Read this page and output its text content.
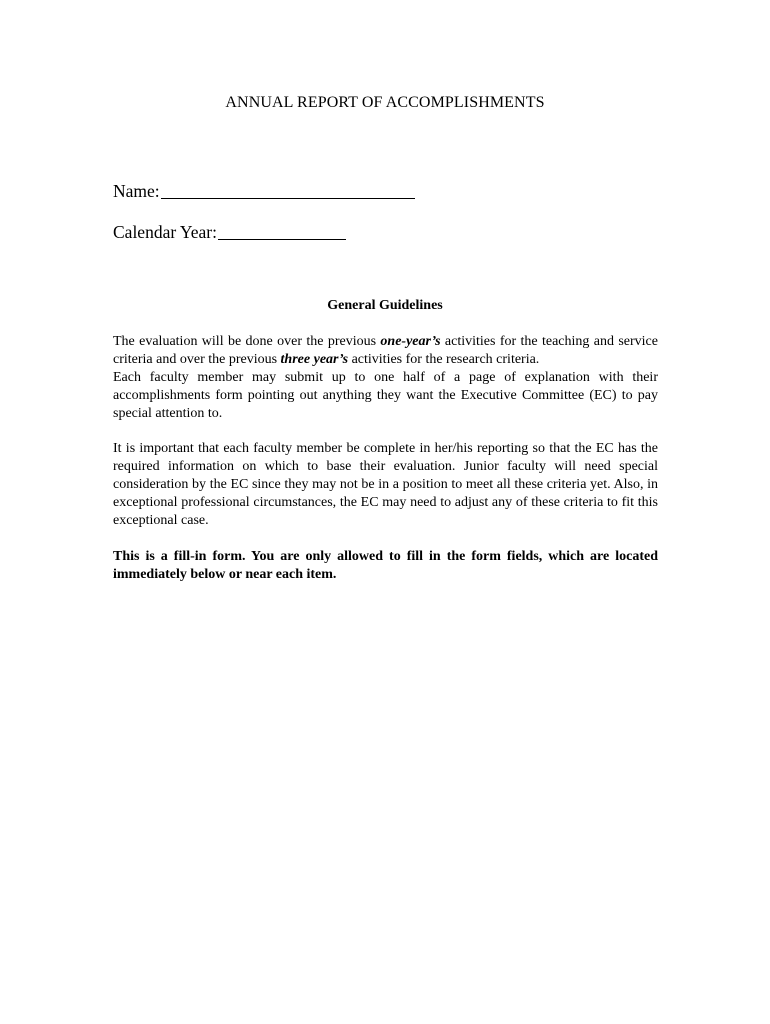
ANNUAL REPORT OF ACCOMPLISHMENTS
Name:
Calendar Year:
General Guidelines

The evaluation will be done over the previous one-year’s activities for the teaching and service criteria and over the previous three year’s activities for the research criteria.

Each faculty member may submit up to one half of a page of explanation with their accomplishments form pointing out anything they want the Executive Committee (EC) to pay special attention to.

It is important that each faculty member be complete in her/his reporting so that the EC has the required information on which to base their evaluation. Junior faculty will need special consideration by the EC since they may not be in a position to meet all these criteria yet. Also, in exceptional professional circumstances, the EC may need to adjust any of these criteria to fit this exceptional case.

This is a fill-in form. You are only allowed to fill in the form fields, which are located immediately below or near each item.
